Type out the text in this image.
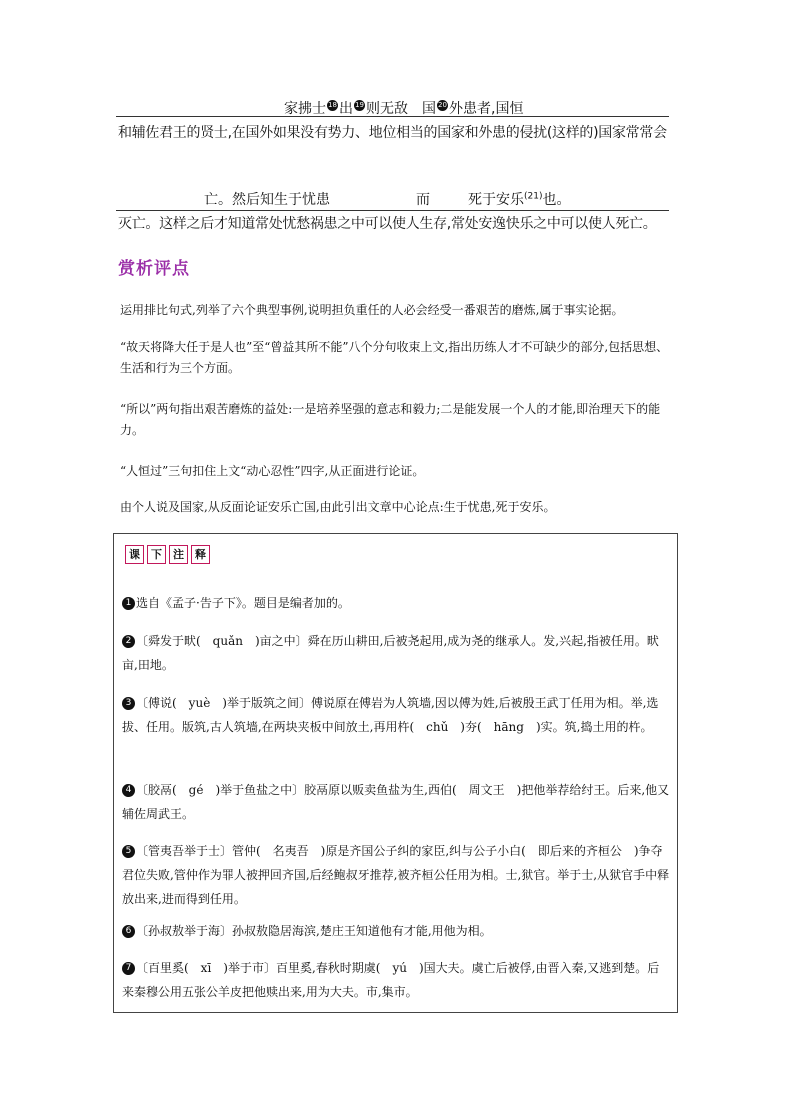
家拂士 18 出 19 则无敌　国 20 外患者,国恒
和辅佐君王的贤士,在国外如果没有势力、地位相当的国家和外患的侵扰(这样的)国家常常会
亡。然后知生于忧患	而	死于安乐$^{(21)}$也。
灭亡。这样之后才知道常处忧愁祸患之中可以使人生存,常处安逸快乐之中可以使人死亡。
赏析评点
运用排比句式,列举了六个典型事例,说明担负重任的人必会经受一番艰苦的磨炼,属于事实论据。
“故天将降大任于是人也”至“曾益其所不能”八个分句收束上文,指出历练人才不可缺少的部分,包括思想、生活和行为三个方面。
“所以”两句指出艰苦磨炼的益处:一是培养坚强的意志和毅力;二是能发展一个人的才能,即治理天下的能力。
“人恒过”三句扣住上文“动心忍性”四字,从正面进行论证。
由个人说及国家,从反面论证安乐亡国,由此引出文章中心论点:生于忧患,死于安乐。
课	下	注	释
1 选自《孟子·告子下》。题目是编者加的。
2 〔舜发于畎(　quǎn　)亩之中〕舜在历山耕田,后被尧起用,成为尧的继承人。发,兴起,指被任用。畎亩,田地。
3 〔傅说(　yuè　)举于版筑之间〕傅说原在傅岩为人筑墙,因以傅为姓,后被殷王武丁任用为相。举,选拔、任用。版筑,古人筑墙,在两块夹板中间放土,再用杵(　chǔ　)夯(　hāng　)实。筑,捣土用的杵。
4 〔胶鬲(　gé　)举于鱼盐之中〕胶鬲原以贩卖鱼盐为生,西伯(　周文王　)把他举荐给纣王。后来,他又辅佐周武王。
5 〔管夷吾举于士〕管仲(　名夷吾　)原是齐国公子纠的家臣,纠与公子小白(　即后来的齐桓公　)争夺君位失败,管仲作为罪人被押回齐国,后经鲍叔牙推荐,被齐桓公任用为相。士,狱官。举于士,从狱官手中释放出来,进而得到任用。
6 〔孙叔敖举于海〕孙叔敖隐居海滨,楚庄王知道他有才能,用他为相。
7 〔百里奚(　xī　)举于市〕百里奚,春秋时期虞(　yú　)国大夫。虞亡后被俘,由晋入秦,又逃到楚。后来秦穆公用五张公羊皮把他赎出来,用为大夫。市,集市。
